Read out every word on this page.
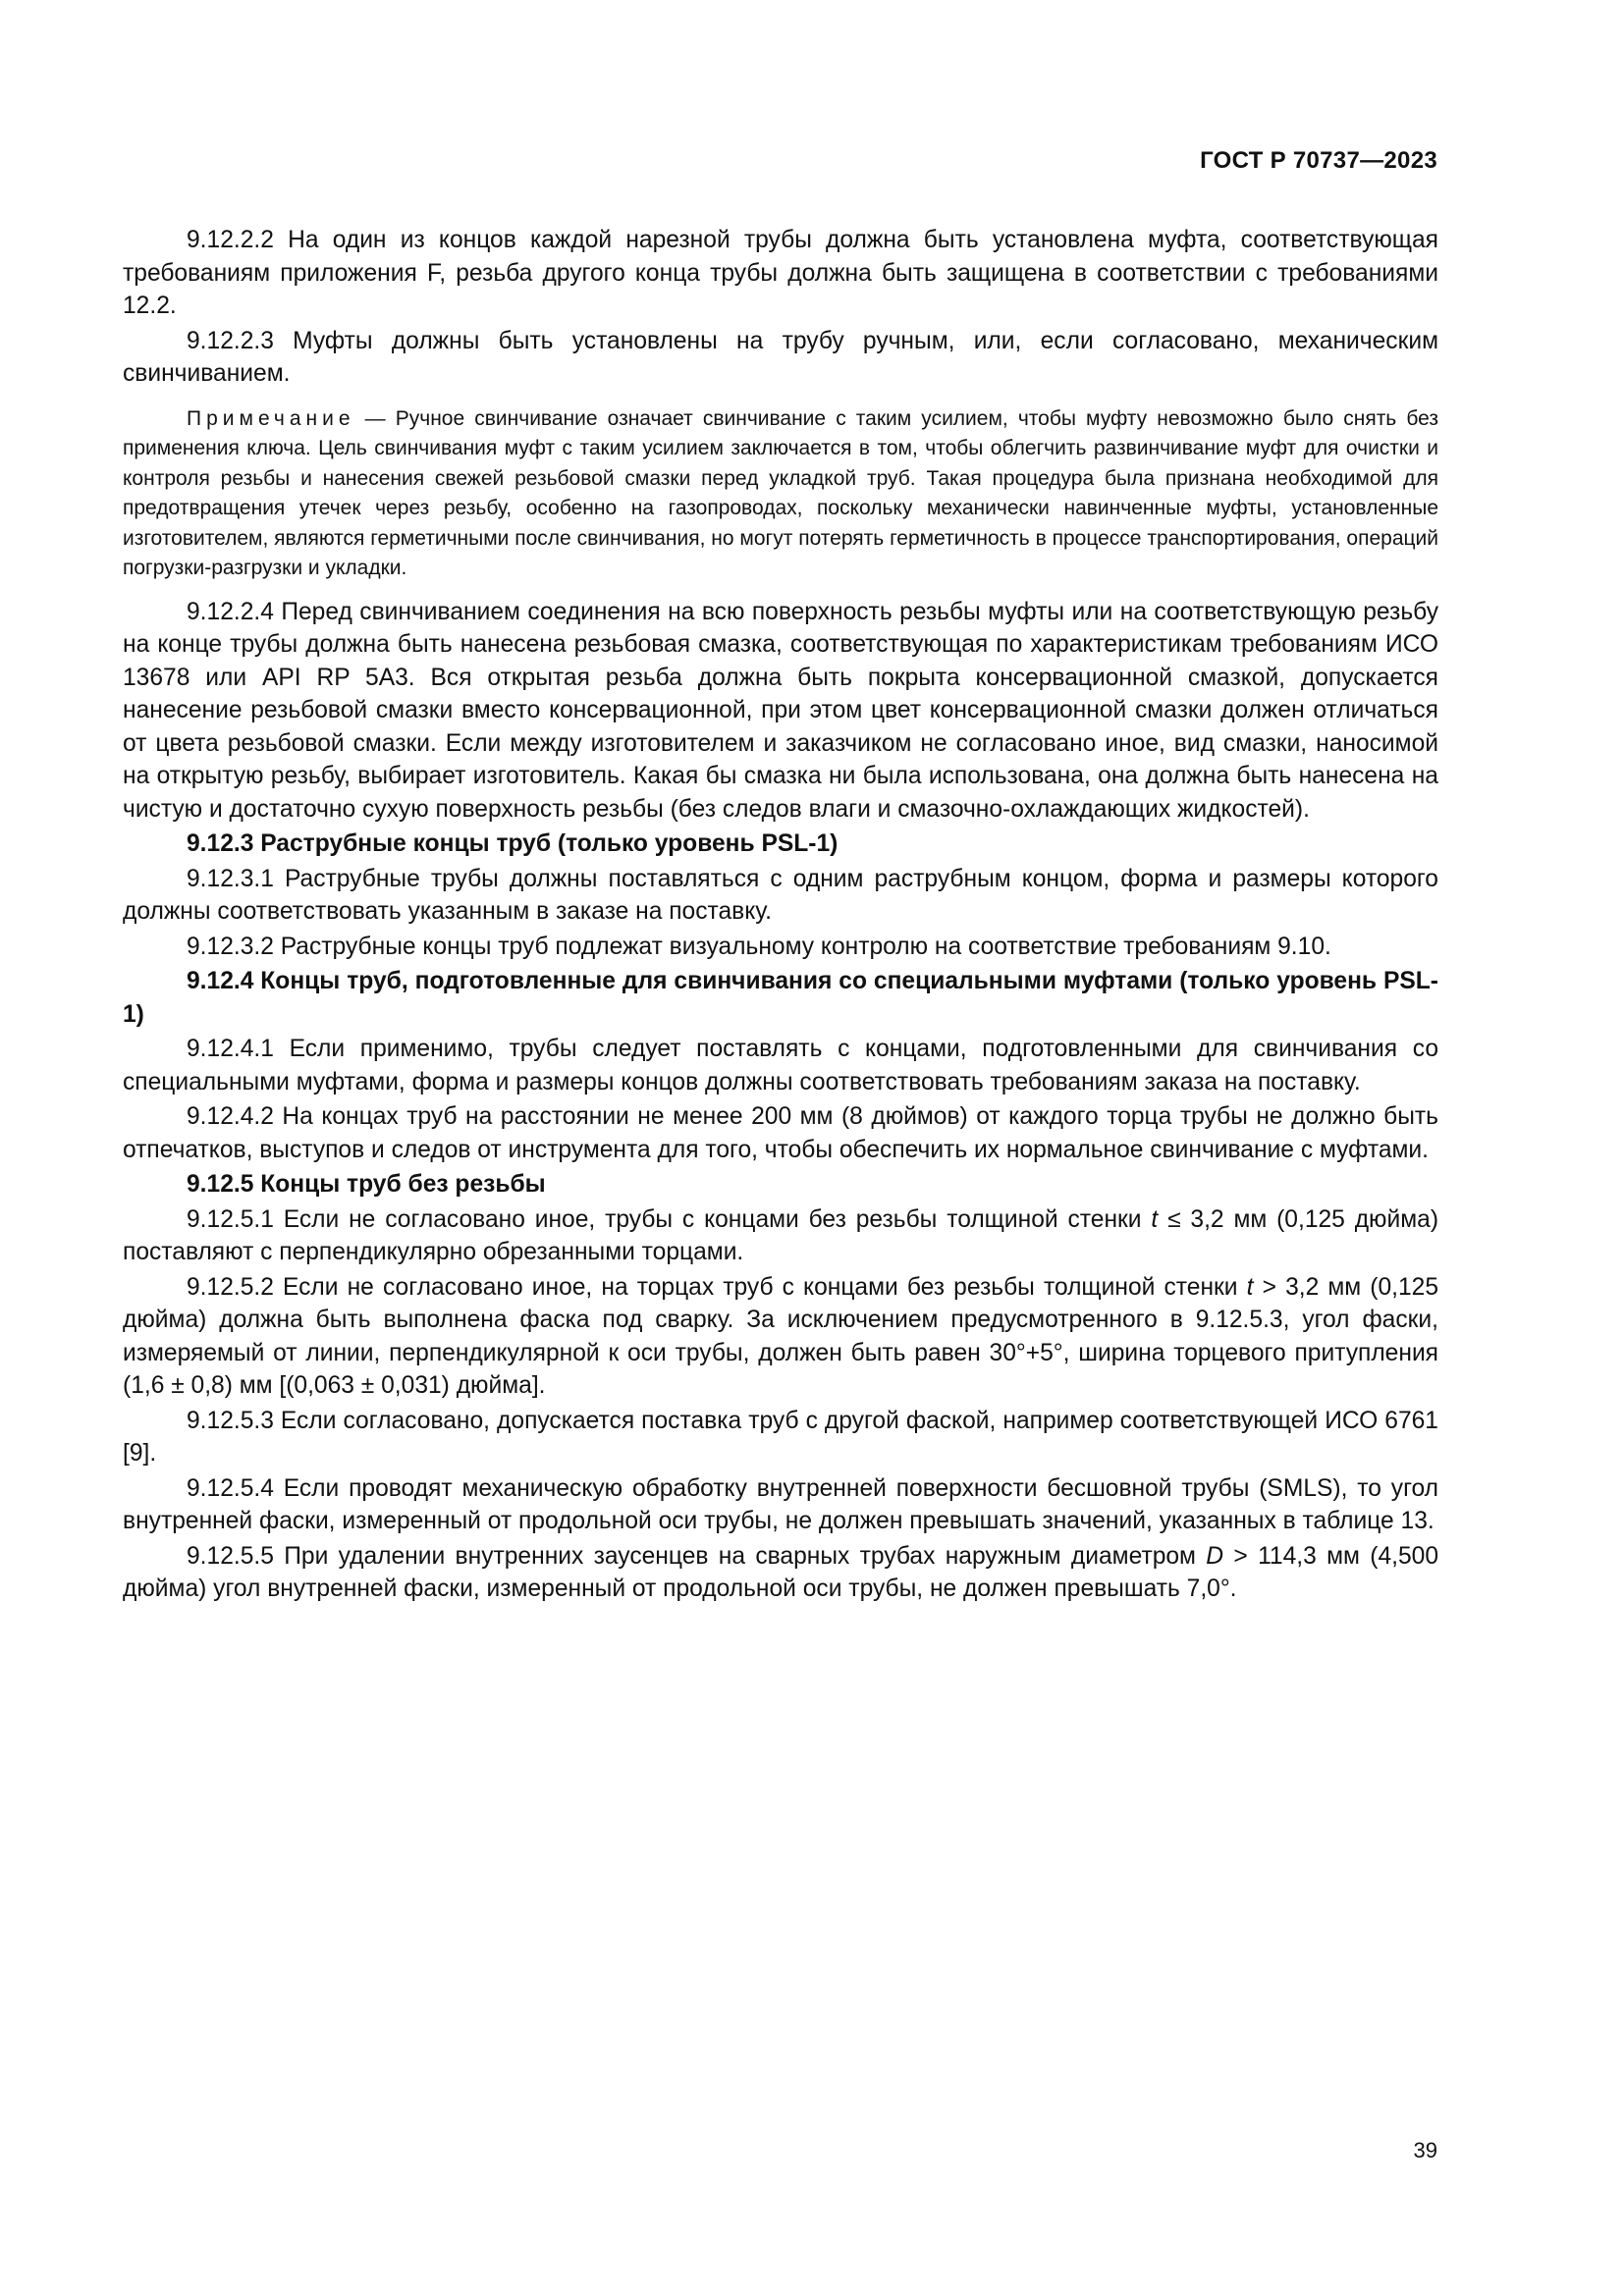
ГОСТ Р 70737—2023

9.12.2.2 На один из концов каждой нарезной трубы должна быть установлена муфта, соответствующая требованиям приложения F, резьба другого конца трубы должна быть защищена в соответствии с требованиями 12.2.

9.12.2.3 Муфты должны быть установлены на трубу ручным, или, если согласовано, механическим свинчиванием.

Примечание — Ручное свинчивание означает свинчивание с таким усилием, чтобы муфту невозможно было снять без применения ключа. Цель свинчивания муфт с таким усилием заключается в том, чтобы облегчить развинчивание муфт для очистки и контроля резьбы и нанесения свежей резьбовой смазки перед укладкой труб. Такая процедура была признана необходимой для предотвращения утечек через резьбу, особенно на газопроводах, поскольку механически навинченные муфты, установленные изготовителем, являются герметичными после свинчивания, но могут потерять герметичность в процессе транспортирования, операций погрузки-разгрузки и укладки.

9.12.2.4 Перед свинчиванием соединения на всю поверхность резьбы муфты или на соответствующую резьбу на конце трубы должна быть нанесена резьбовая смазка, соответствующая по характеристикам требованиям ИСО 13678 или API RP 5A3. Вся открытая резьба должна быть покрыта консервационной смазкой, допускается нанесение резьбовой смазки вместо консервационной, при этом цвет консервационной смазки должен отличаться от цвета резьбовой смазки. Если между изготовителем и заказчиком не согласовано иное, вид смазки, наносимой на открытую резьбу, выбирает изготовитель. Какая бы смазка ни была использована, она должна быть нанесена на чистую и достаточно сухую поверхность резьбы (без следов влаги и смазочно-охлаждающих жидкостей).

9.12.3 Раструбные концы труб (только уровень PSL-1)

9.12.3.1 Раструбные трубы должны поставляться с одним раструбным концом, форма и размеры которого должны соответствовать указанным в заказе на поставку.

9.12.3.2 Раструбные концы труб подлежат визуальному контролю на соответствие требованиям 9.10.

9.12.4 Концы труб, подготовленные для свинчивания со специальными муфтами (только уровень PSL-1)

9.12.4.1 Если применимо, трубы следует поставлять с концами, подготовленными для свинчивания со специальными муфтами, форма и размеры концов должны соответствовать требованиям заказа на поставку.

9.12.4.2 На концах труб на расстоянии не менее 200 мм (8 дюймов) от каждого торца трубы не должно быть отпечатков, выступов и следов от инструмента для того, чтобы обеспечить их нормальное свинчивание с муфтами.

9.12.5 Концы труб без резьбы

9.12.5.1 Если не согласовано иное, трубы с концами без резьбы толщиной стенки t ≤ 3,2 мм (0,125 дюйма) поставляют с перпендикулярно обрезанными торцами.

9.12.5.2 Если не согласовано иное, на торцах труб с концами без резьбы толщиной стенки t > 3,2 мм (0,125 дюйма) должна быть выполнена фаска под сварку. За исключением предусмотренного в 9.12.5.3, угол фаски, измеряемый от линии, перпендикулярной к оси трубы, должен быть равен 30°+5°, ширина торцевого притупления (1,6 ± 0,8) мм [(0,063 ± 0,031) дюйма].

9.12.5.3 Если согласовано, допускается поставка труб с другой фаской, например соответствующей ИСО 6761 [9].

9.12.5.4 Если проводят механическую обработку внутренней поверхности бесшовной трубы (SMLS), то угол внутренней фаски, измеренный от продольной оси трубы, не должен превышать значений, указанных в таблице 13.

9.12.5.5 При удалении внутренних заусенцев на сварных трубах наружным диаметром D > 114,3 мм (4,500 дюйма) угол внутренней фаски, измеренный от продольной оси трубы, не должен превышать 7,0°.

39
